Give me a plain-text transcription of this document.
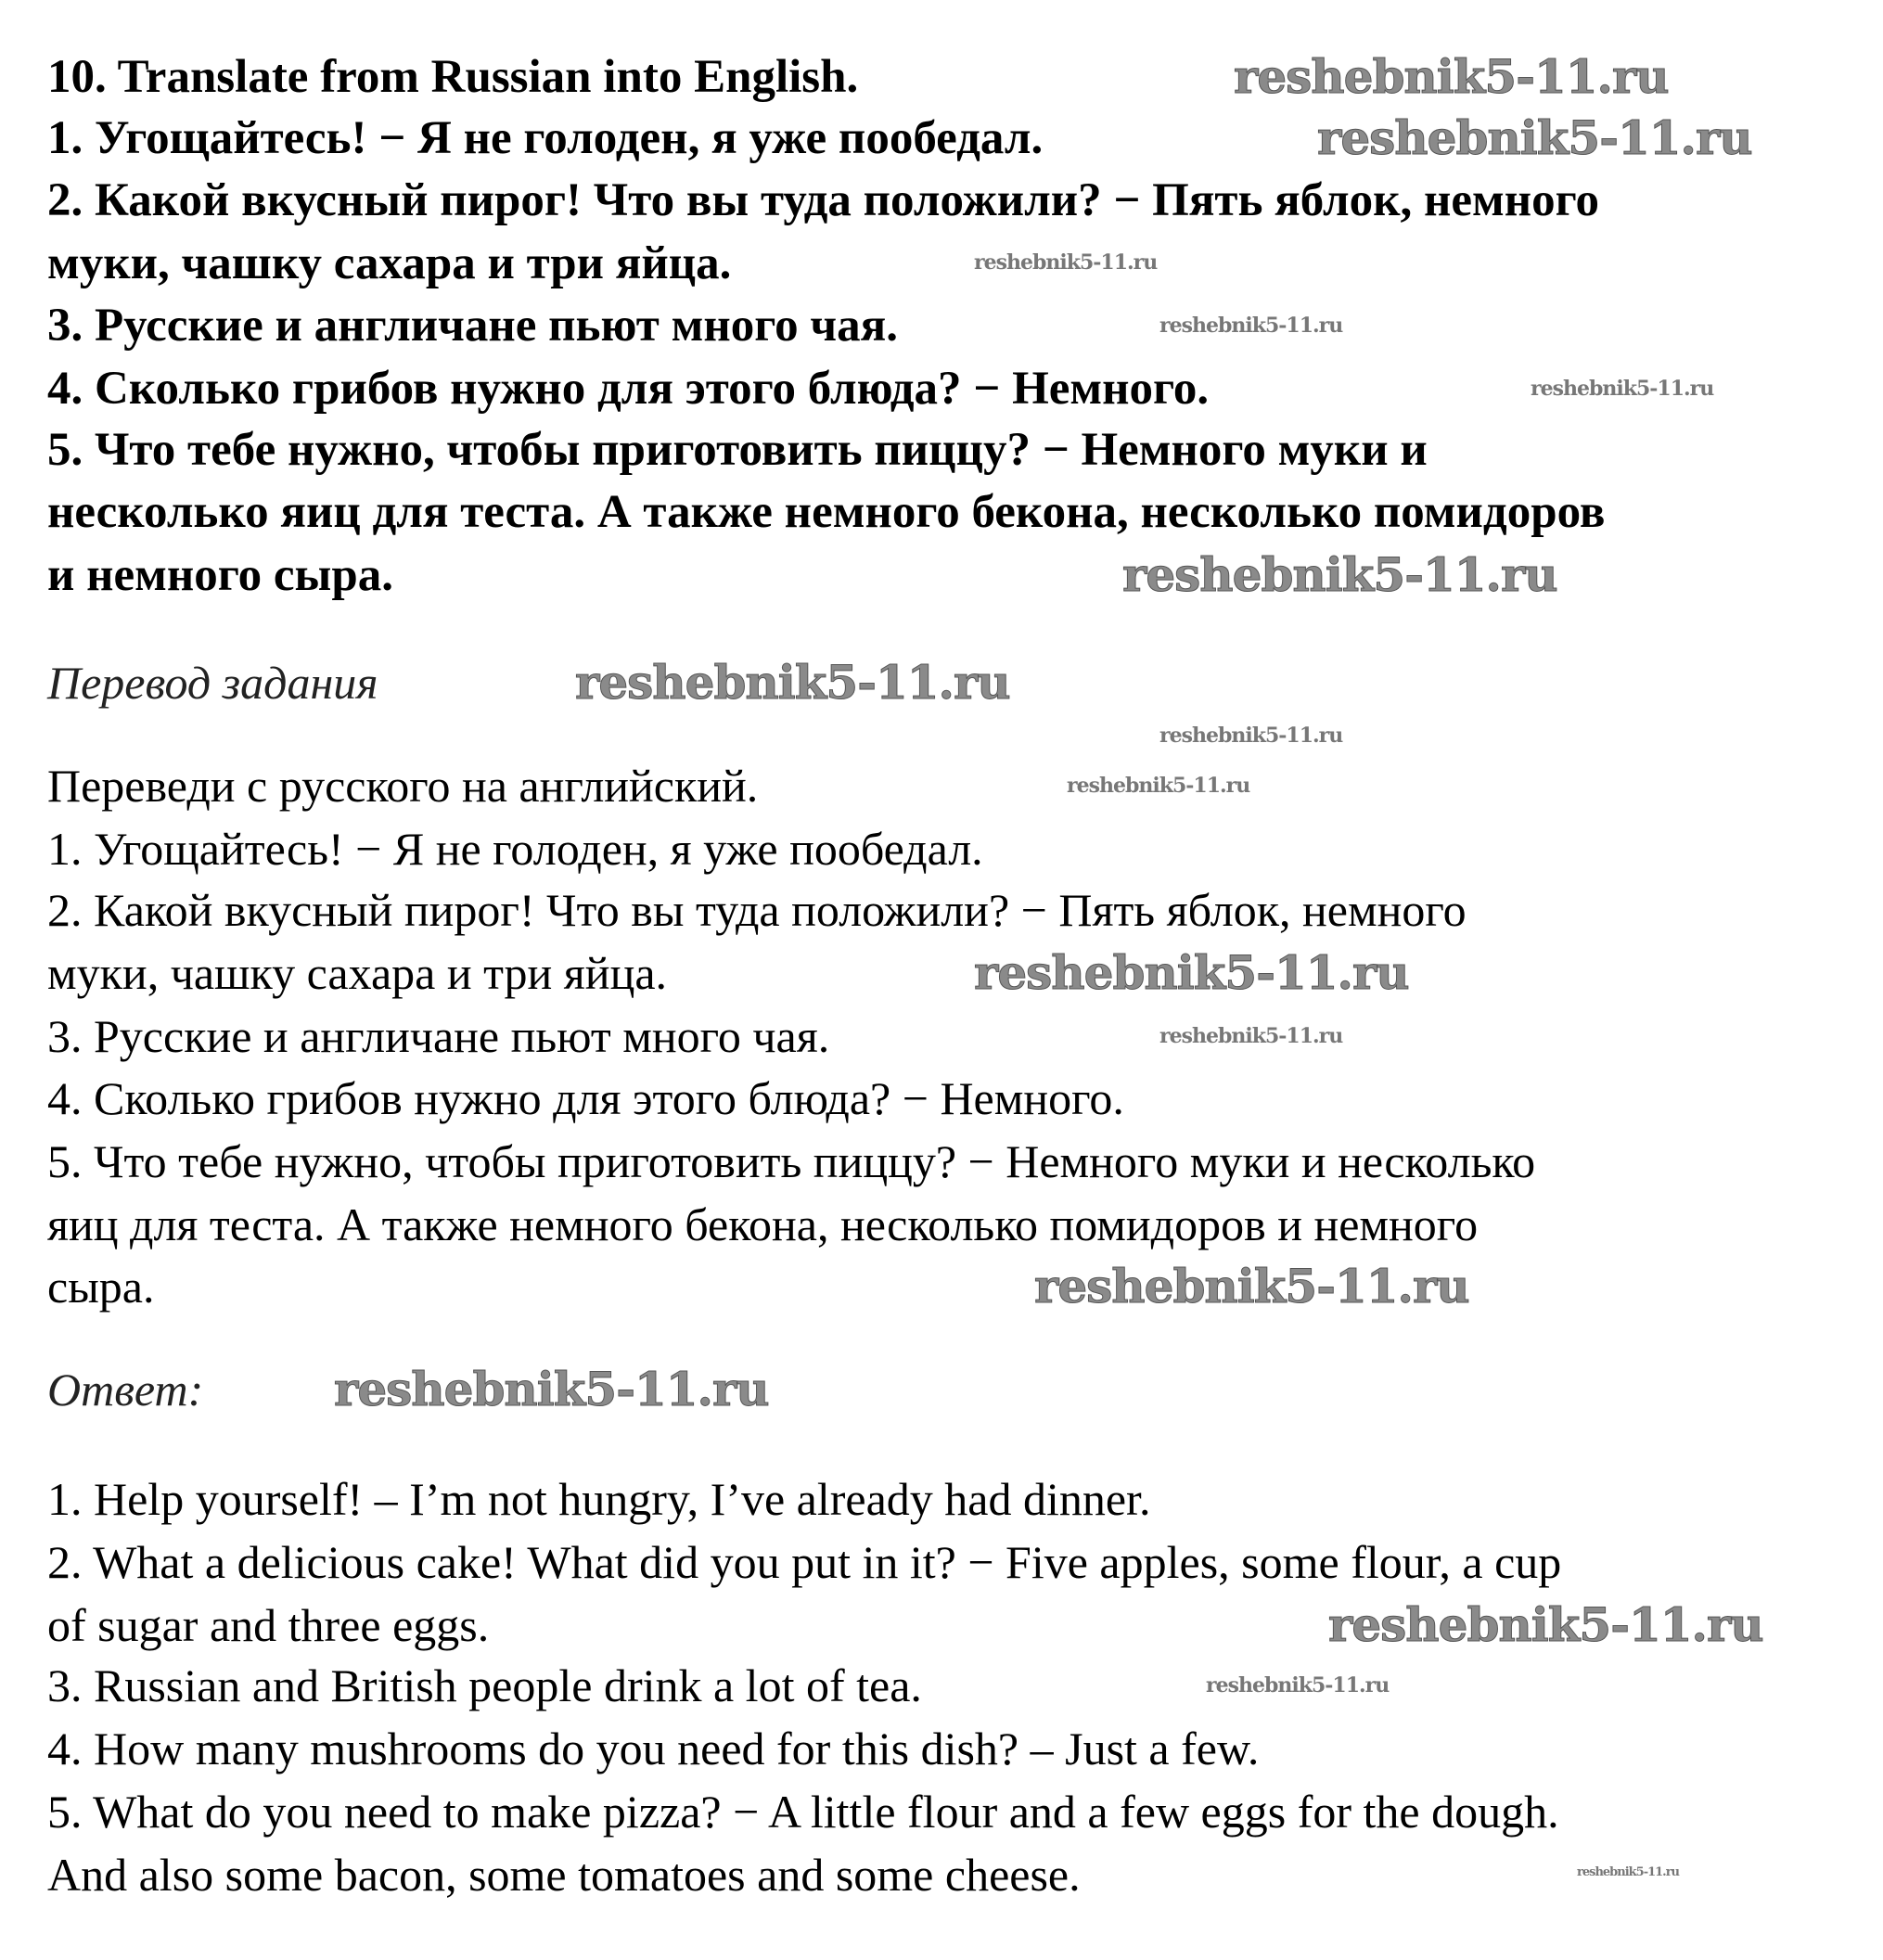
10. Translate from Russian into English.
1. Угощайтесь! − Я не голоден, я уже пообедал.
2. Какой вкусный пирог! Что вы туда положили? − Пять яблок, немного
муки, чашку сахара и три яйца.
3. Русские и англичане пьют много чая.
4. Сколько грибов нужно для этого блюда? − Немного.
5. Что тебе нужно, чтобы приготовить пиццу? − Немного муки и
несколько яиц для теста. А также немного бекона, несколько помидоров
и немного сыра.
Перевод задания
Переведи с русского на английский.
1. Угощайтесь! − Я не голоден, я уже пообедал.
2. Какой вкусный пирог! Что вы туда положили? − Пять яблок, немного
муки, чашку сахара и три яйца.
3. Русские и англичане пьют много чая.
4. Сколько грибов нужно для этого блюда? − Немного.
5. Что тебе нужно, чтобы приготовить пиццу? − Немного муки и несколько
яиц для теста. А также немного бекона, несколько помидоров и немного
сыра.
Ответ:
1. Help yourself! – I’m not hungry, I’ve already had dinner.
2. What a delicious cake! What did you put in it? − Five apples, some flour, a cup
of sugar and three eggs.
3. Russian and British people drink a lot of tea.
4. How many mushrooms do you need for this dish? – Just a few.
5. What do you need to make pizza? − A little flour and a few eggs for the dough.
And also some bacon, some tomatoes and some cheese.
reshebnik5-11.ru
reshebnik5-11.ru
reshebnik5-11.ru
reshebnik5-11.ru
reshebnik5-11.ru
reshebnik5-11.ru
reshebnik5-11.ru
reshebnik5-11.ru
reshebnik5-11.ru
reshebnik5-11.ru
reshebnik5-11.ru
reshebnik5-11.ru
reshebnik5-11.ru
reshebnik5-11.ru
reshebnik5-11.ru
reshebnik5-11.ru
